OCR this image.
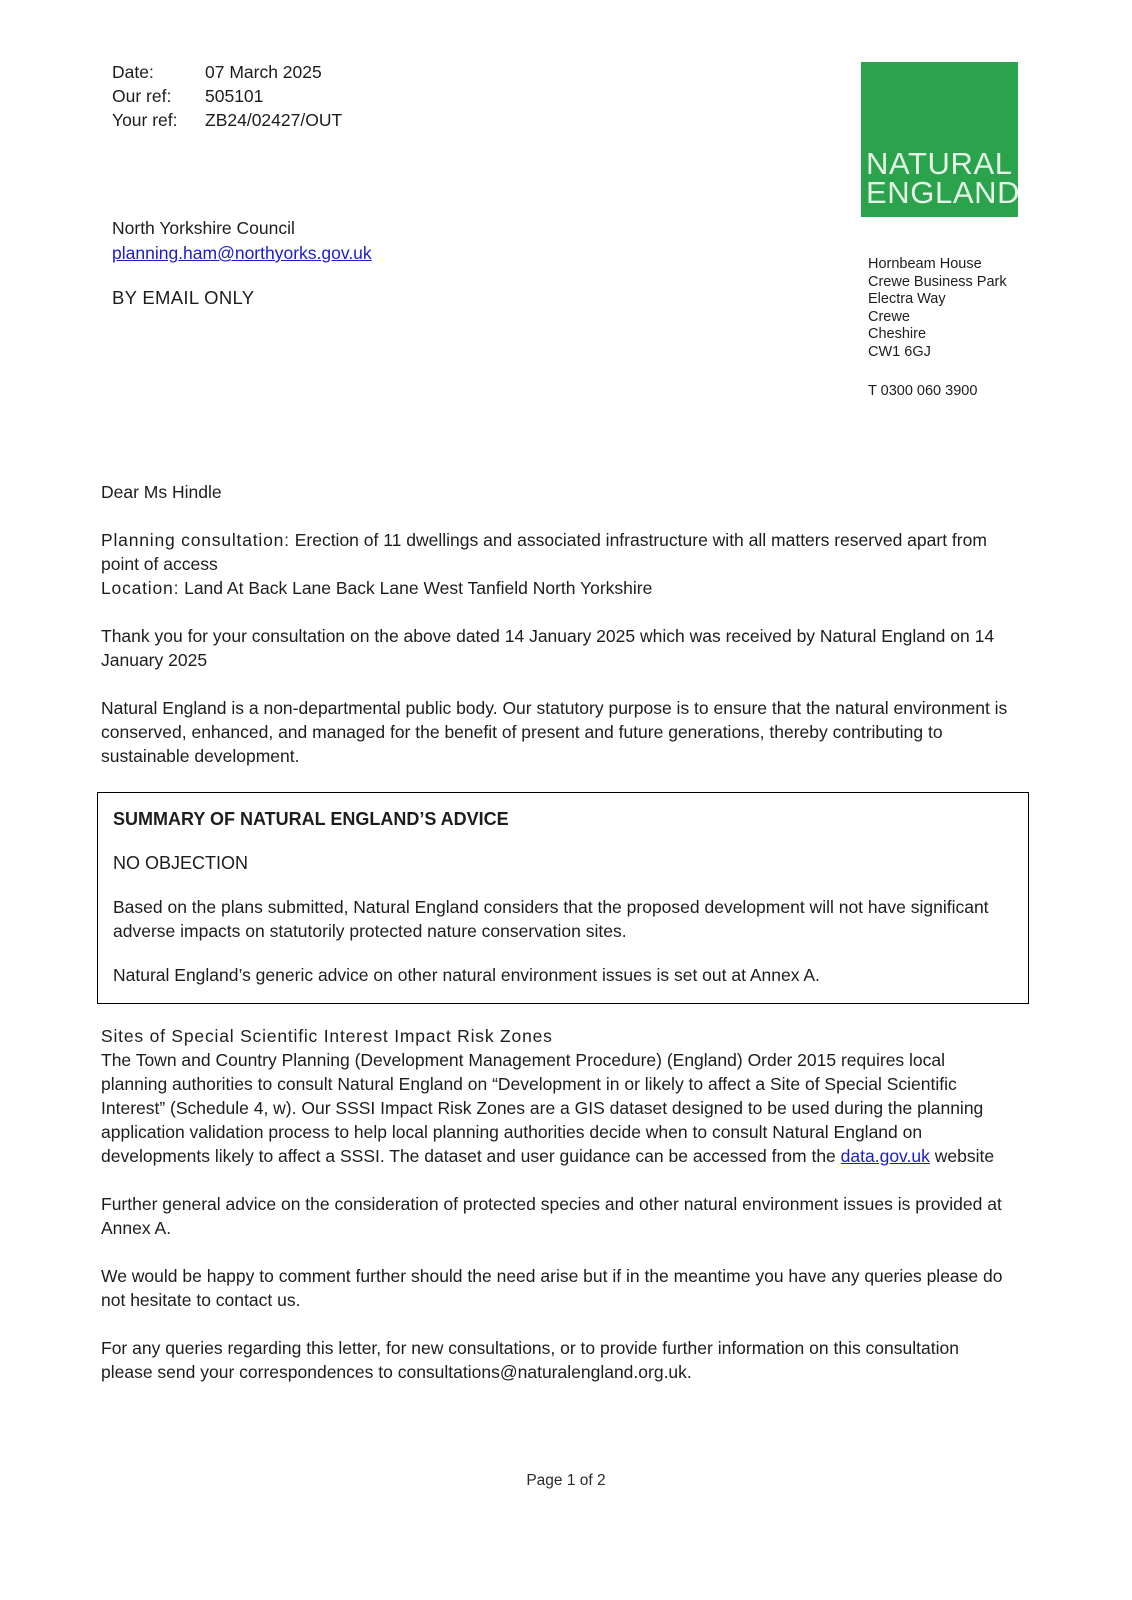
Date:	07 March 2025
Our ref: 505101
Your ref: ZB24/02427/OUT
NATURAL
ENGLAND
North Yorkshire Council
planning.ham@northyorks.gov.uk
BY EMAIL ONLY
Hornbeam House
Crewe Business Park
Electra Way
Crewe
Cheshire
CW1 6GJ
T 0300 060 3900

Dear Ms Hindle

Planning consultation: Erection of 11 dwellings and associated infrastructure with all matters reserved apart from point of access
Location: Land At Back Lane Back Lane West Tanfield North Yorkshire

Thank you for your consultation on the above dated 14 January 2025 which was received by Natural England on 14 January 2025

Natural England is a non-departmental public body. Our statutory purpose is to ensure that the natural environment is conserved, enhanced, and managed for the benefit of present and future generations, thereby contributing to sustainable development.

SUMMARY OF NATURAL ENGLAND’S ADVICE

NO OBJECTION

Based on the plans submitted, Natural England considers that the proposed development will not have significant adverse impacts on statutorily protected nature conservation sites.

Natural England’s generic advice on other natural environment issues is set out at Annex A.

Sites of Special Scientific Interest Impact Risk Zones

The Town and Country Planning (Development Management Procedure) (England) Order 2015 requires local planning authorities to consult Natural England on “Development in or likely to affect a Site of Special Scientific Interest” (Schedule 4, w). Our SSSI Impact Risk Zones are a GIS dataset designed to be used during the planning application validation process to help local planning authorities decide when to consult Natural England on developments likely to affect a SSSI. The dataset and user guidance can be accessed from the data.gov.uk website

Further general advice on the consideration of protected species and other natural environment issues is provided at Annex A.

We would be happy to comment further should the need arise but if in the meantime you have any queries please do not hesitate to contact us.

For any queries regarding this letter, for new consultations, or to provide further information on this consultation please send your correspondences to consultations@naturalengland.org.uk.

Page 1 of 2
